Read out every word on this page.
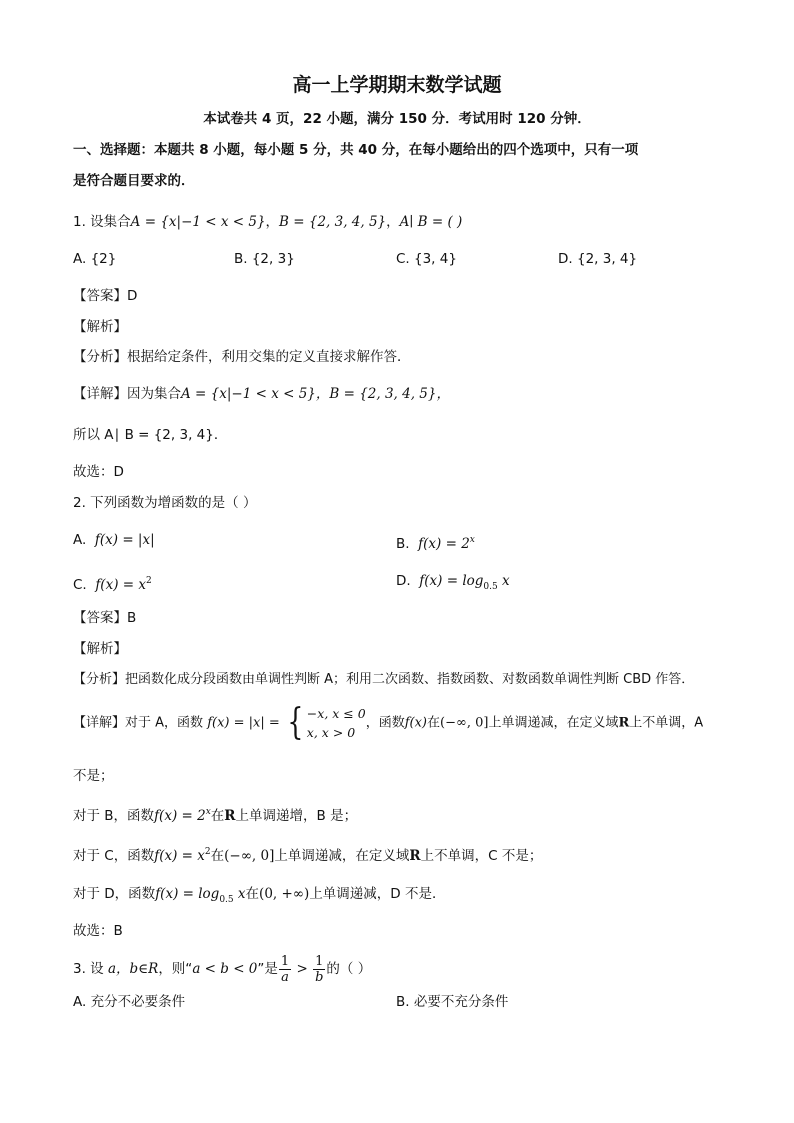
高一上学期期末数学试题
本试卷共 4 页，22 小题，满分 150 分．考试用时 120 分钟．
一、选择题：本题共 8 小题，每小题 5 分，共 40 分，在每小题给出的四个选项中，只有一项
是符合题目要求的．
1. 设集合A = {x|−1 < x < 5}，B = {2, 3, 4, 5}，A∣ B = ( )
A. {2}	B. {2, 3}	C. {3, 4}	D. {2, 3, 4}
【答案】D
【解析】
【分析】根据给定条件，利用交集的定义直接求解作答．
【详解】因为集合A = {x|−1 < x < 5}，B = {2, 3, 4, 5}，
所以 A∣ B = {2, 3, 4}．
故选：D
2. 下列函数为增函数的是（ ）
A. f(x) = |x|	B. $f(x) = 2^x$
C. $f(x) = x^2$	D. $f(x) = \log_{0.5} x$
【答案】B
【解析】
【分析】把函数化成分段函数由单调性判断 A；利用二次函数、指数函数、对数函数单调性判断 CBD 作答．
【详解】对于 A，函数 f(x) = |x| = { −x, x ≤ 0
x, x > 0
，函数f(x)在(−∞, 0]上单调递减，在定义域R上不单调，A
不是；
对于 B，函数$f(x) = 2^x$在R上单调递增，B 是；
对于 C，函数$f(x) = x^2$在(−∞, 0]上单调递减，在定义域R上不单调，C 不是；
对于 D，函数$f(x) = \log_{0.5} x$在(0, +∞)上单调递减，D 不是．
故选：B
3. 设 a，b∈R，则“a < b < 0”是 $\frac{1}{a} > \frac{1}{b}$ 的（ ）
A. 充分不必要条件	B. 必要不充分条件
